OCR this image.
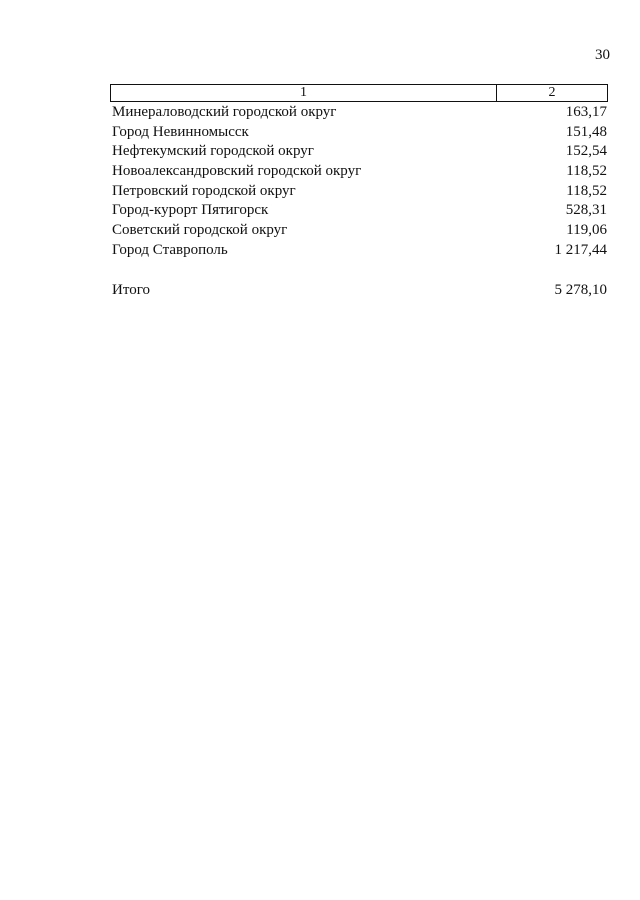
30
1	2
Минераловодский городской округ	163,17
Город Невинномысск	151,48
Нефтекумский городской округ	152,54
Новоалександровский городской округ	118,52
Петровский городской округ	118,52
Город-курорт Пятигорск	528,31
Советский городской округ	119,06
Город Ставрополь	1 217,44
Итого	5 278,10
